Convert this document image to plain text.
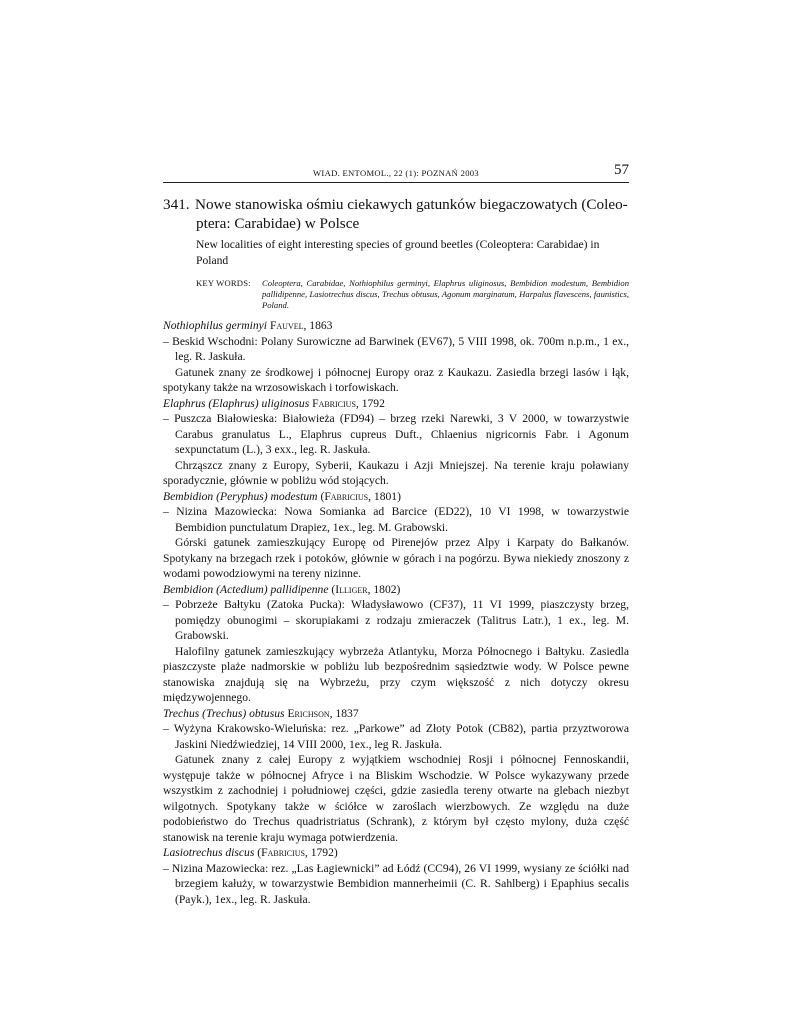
WIAD. ENTOMOL., 22 (1): POZNAŃ 2003	57
341. Nowe stanowiska ośmiu ciekawych gatunków biegaczowatych (Coleo-
ptera: Carabidae) w Polsce
New localities of eight interesting species of ground beetles (Coleoptera: Carabidae) in Poland
KEY WORDS: Coleoptera, Carabidae, Nothiophilus germinyi, Elaphrus uliginosus, Bembidion modestum, Bembidion pallidipenne, Lasiotrechus discus, Trechus obtusus, Agonum marginatum, Harpalus flavescens, faunistics, Poland.

Nothiophilus germinyi Fauvel, 1863

– Beskid Wschodni: Polany Surowiczne ad Barwinek (EV67), 5 VIII 1998, ok. 700m n.p.m., 1 ex., leg. R. Jaskuła.

Gatunek znany ze środkowej i północnej Europy oraz z Kaukazu. Zasiedla brzegi lasów i łąk, spotykany także na wrzosowiskach i torfowiskach.

Elaphrus (Elaphrus) uliginosus Fabricius, 1792

– Puszcza Białowieska: Białowieża (FD94) – brzeg rzeki Narewki, 3 V 2000, w towarzystwie Carabus granulatus L., Elaphrus cupreus Duft., Chlaenius nigricornis Fabr. i Agonum sexpunctatum (L.), 3 exx., leg. R. Jaskuła.

Chrząszcz znany z Europy, Syberii, Kaukazu i Azji Mniejszej. Na terenie kraju poławiany sporadycznie, głównie w pobliżu wód stojących.

Bembidion (Peryphus) modestum (Fabricius, 1801)

– Nizina Mazowiecka: Nowa Somianka ad Barcice (ED22), 10 VI 1998, w towarzystwie Bembidion punctulatum Drapiez, 1ex., leg. M. Grabowski.

Górski gatunek zamieszkujący Europę od Pirenejów przez Alpy i Karpaty do Bałkanów. Spotykany na brzegach rzek i potoków, głównie w górach i na pogórzu. Bywa niekiedy znoszony z wodami powodziowymi na tereny nizinne.

Bembidion (Actedium) pallidipenne (Illiger, 1802)

– Pobrzeże Bałtyku (Zatoka Pucka): Władysławowo (CF37), 11 VI 1999, piaszczysty brzeg, pomiędzy obunogimi – skorupiakami z rodzaju zmieraczek (Talitrus Latr.), 1 ex., leg. M. Grabowski.

Halofilny gatunek zamieszkujący wybrzeża Atlantyku, Morza Północnego i Bałtyku. Zasiedla piaszczyste plaże nadmorskie w pobliżu lub bezpośrednim sąsiedztwie wody. W Polsce pewne stanowiska znajdują się na Wybrzeżu, przy czym większość z nich dotyczy okresu międzywojennego.

Trechus (Trechus) obtusus Erichson, 1837

– Wyżyna Krakowsko-Wieluńska: rez. „Parkowe” ad Złoty Potok (CB82), partia przyztworowa Jaskini Niedźwiedziej, 14 VIII 2000, 1ex., leg R. Jaskuła.

Gatunek znany z całej Europy z wyjątkiem wschodniej Rosji i północnej Fennoskandii, występuje także w północnej Afryce i na Bliskim Wschodzie. W Polsce wykazywany przede wszystkim z zachodniej i południowej części, gdzie zasiedla tereny otwarte na glebach niezbyt wilgotnych. Spotykany także w ściółce w zaroślach wierzbowych. Ze względu na duże podobieństwo do Trechus quadristriatus (Schrank), z którym był często mylony, duża część stanowisk na terenie kraju wymaga potwierdzenia.

Lasiotrechus discus (Fabricius, 1792)

– Nizina Mazowiecka: rez. „Las Łagiewnicki” ad Łódź (CC94), 26 VI 1999, wysiany ze ściółki nad brzegiem kałuży, w towarzystwie Bembidion mannerheimii (C. R. Sahlberg) i Epaphius secalis (Payk.), 1ex., leg. R. Jaskuła.
